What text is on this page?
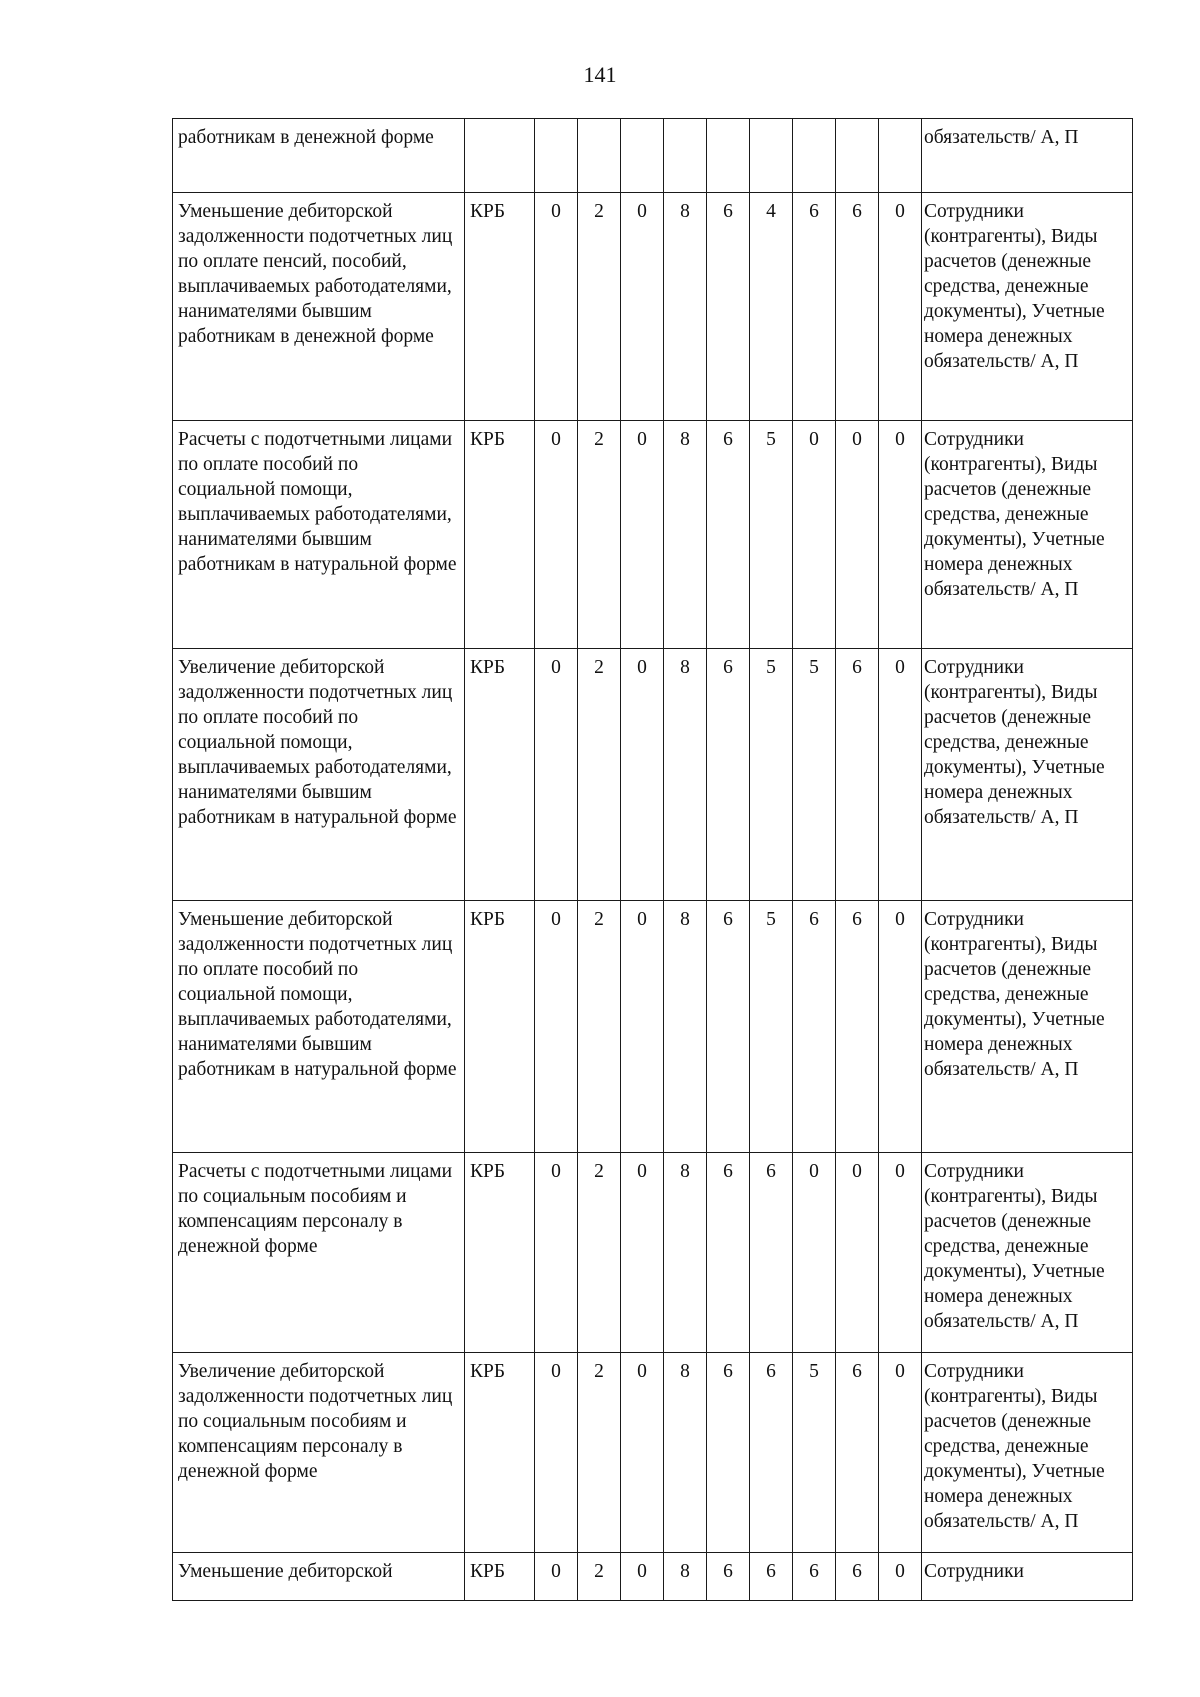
141
работникам в денежной форме											обязательств/ А, П
Уменьшение дебиторской задолженности подотчетных лиц по оплате пенсий, пособий, выплачиваемых работодателями, нанимателями бывшим работникам в денежной форме	КРБ	0	2	0	8	6	4	6	6	0	Сотрудники (контрагенты), Виды расчетов (денежные средства, денежные документы), Учетные номера денежных обязательств/ А, П
Расчеты с подотчетными лицами по оплате пособий по социальной помощи, выплачиваемых работодателями, нанимателями бывшим работникам в натуральной форме	КРБ	0	2	0	8	6	5	0	0	0	Сотрудники (контрагенты), Виды расчетов (денежные средства, денежные документы), Учетные номера денежных обязательств/ А, П
Увеличение дебиторской задолженности подотчетных лиц по оплате пособий по социальной помощи, выплачиваемых работодателями, нанимателями бывшим работникам в натуральной форме	КРБ	0	2	0	8	6	5	5	6	0	Сотрудники (контрагенты), Виды расчетов (денежные средства, денежные документы), Учетные номера денежных обязательств/ А, П
Уменьшение дебиторской задолженности подотчетных лиц по оплате пособий по социальной помощи, выплачиваемых работодателями, нанимателями бывшим работникам в натуральной форме	КРБ	0	2	0	8	6	5	6	6	0	Сотрудники (контрагенты), Виды расчетов (денежные средства, денежные документы), Учетные номера денежных обязательств/ А, П
Расчеты с подотчетными лицами по социальным пособиям и компенсациям персоналу в денежной форме	КРБ	0	2	0	8	6	6	0	0	0	Сотрудники (контрагенты), Виды расчетов (денежные средства, денежные документы), Учетные номера денежных обязательств/ А, П
Увеличение дебиторской задолженности подотчетных лиц по социальным пособиям и компенсациям персоналу в денежной форме	КРБ	0	2	0	8	6	6	5	6	0	Сотрудники (контрагенты), Виды расчетов (денежные средства, денежные документы), Учетные номера денежных обязательств/ А, П
Уменьшение дебиторской	КРБ	0	2	0	8	6	6	6	6	0	Сотрудники
